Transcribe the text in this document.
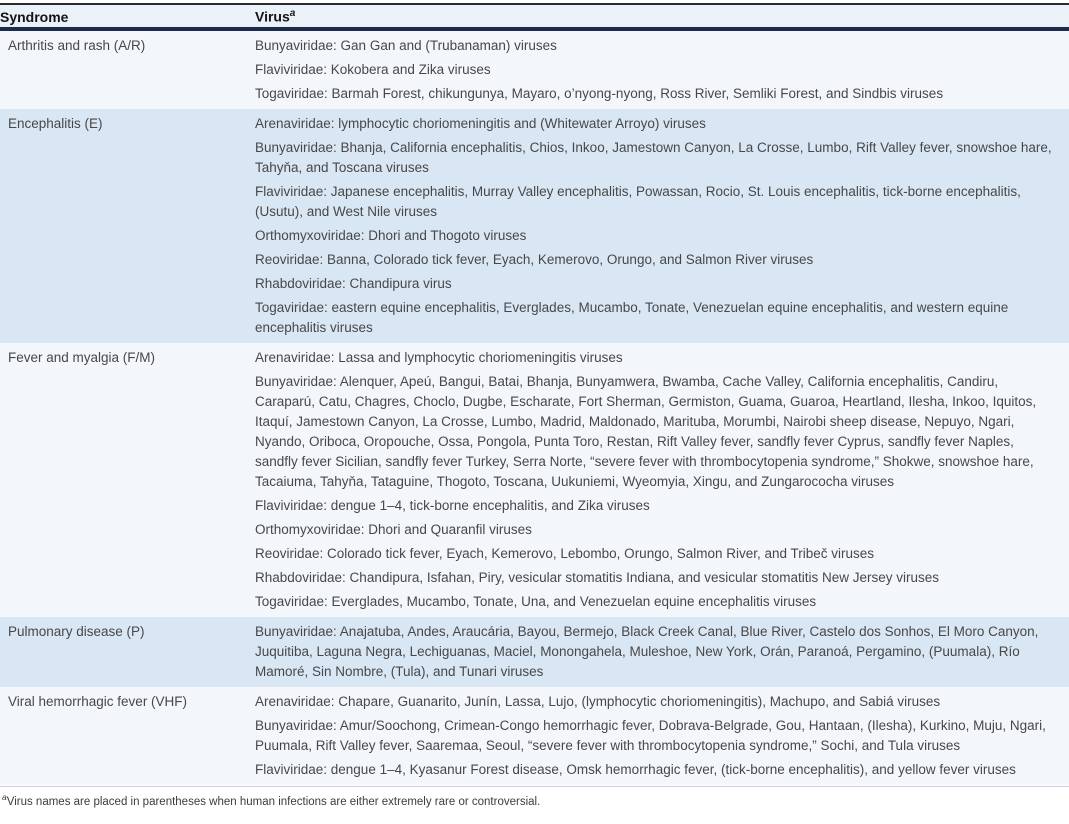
Syndrome	Virus$^a$
Arthritis and rash (A/R)	Bunyaviridae: Gan Gan and (Trubanaman) viruses
Flaviviridae: Kokobera and Zika viruses
Togaviridae: Barmah Forest, chikungunya, Mayaro, o’nyong-nyong, Ross River, Semliki Forest, and Sindbis viruses
Encephalitis (E)	Arenaviridae: lymphocytic choriomeningitis and (Whitewater Arroyo) viruses
Bunyaviridae: Bhanja, California encephalitis, Chios, Inkoo, Jamestown Canyon, La Crosse, Lumbo, Rift Valley fever, snowshoe hare, Tahyňa, and Toscana viruses
Flaviviridae: Japanese encephalitis, Murray Valley encephalitis, Powassan, Rocio, St. Louis encephalitis, tick-borne encephalitis, (Usutu), and West Nile viruses
Orthomyxoviridae: Dhori and Thogoto viruses
Reoviridae: Banna, Colorado tick fever, Eyach, Kemerovo, Orungo, and Salmon River viruses
Rhabdoviridae: Chandipura virus
Togaviridae: eastern equine encephalitis, Everglades, Mucambo, Tonate, Venezuelan equine encephalitis, and western equine encephalitis viruses
Fever and myalgia (F/M)	Arenaviridae: Lassa and lymphocytic choriomeningitis viruses
Bunyaviridae: Alenquer, Apeú, Bangui, Batai, Bhanja, Bunyamwera, Bwamba, Cache Valley, California encephalitis, Candiru, Caraparú, Catu, Chagres, Choclo, Dugbe, Escharate, Fort Sherman, Germiston, Guama, Guaroa, Heartland, Ilesha, Inkoo, Iquitos, Itaquí, Jamestown Canyon, La Crosse, Lumbo, Madrid, Maldonado, Marituba, Morumbi, Nairobi sheep disease, Nepuyo, Ngari, Nyando, Oriboca, Oropouche, Ossa, Pongola, Punta Toro, Restan, Rift Valley fever, sandfly fever Cyprus, sandfly fever Naples, sandfly fever Sicilian, sandfly fever Turkey, Serra Norte, “severe fever with thrombocytopenia syndrome,” Shokwe, snowshoe hare, Tacaiuma, Tahyňa, Tataguine, Thogoto, Toscana, Uukuniemi, Wyeomyia, Xingu, and Zungarococha viruses
Flaviviridae: dengue 1–4, tick-borne encephalitis, and Zika viruses
Orthomyxoviridae: Dhori and Quaranfil viruses
Reoviridae: Colorado tick fever, Eyach, Kemerovo, Lebombo, Orungo, Salmon River, and Tribeč viruses
Rhabdoviridae: Chandipura, Isfahan, Piry, vesicular stomatitis Indiana, and vesicular stomatitis New Jersey viruses
Togaviridae: Everglades, Mucambo, Tonate, Una, and Venezuelan equine encephalitis viruses
Pulmonary disease (P)	Bunyaviridae: Anajatuba, Andes, Araucária, Bayou, Bermejo, Black Creek Canal, Blue River, Castelo dos Sonhos, El Moro Canyon, Juquitiba, Laguna Negra, Lechiguanas, Maciel, Monongahela, Muleshoe, New York, Orán, Paranoá, Pergamino, (Puumala), Río Mamoré, Sin Nombre, (Tula), and Tunari viruses
Viral hemorrhagic fever (VHF)	Arenaviridae: Chapare, Guanarito, Junín, Lassa, Lujo, (lymphocytic choriomeningitis), Machupo, and Sabiá viruses
Bunyaviridae: Amur/Soochong, Crimean-Congo hemorrhagic fever, Dobrava-Belgrade, Gou, Hantaan, (Ilesha), Kurkino, Muju, Ngari, Puumala, Rift Valley fever, Saaremaa, Seoul, “severe fever with thrombocytopenia syndrome,” Sochi, and Tula viruses
Flaviviridae: dengue 1–4, Kyasanur Forest disease, Omsk hemorrhagic fever, (tick-borne encephalitis), and yellow fever viruses
$^a$Virus names are placed in parentheses when human infections are either extremely rare or controversial.
